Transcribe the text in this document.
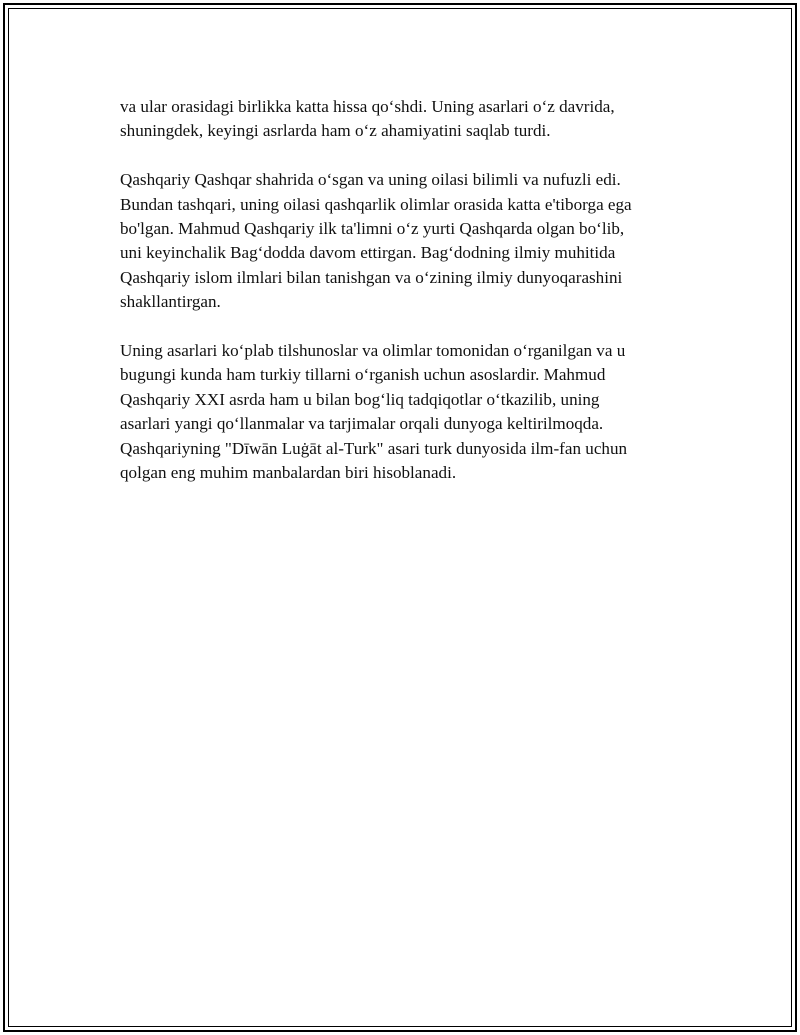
va ular orasidagi birlikka katta hissa qo‘shdi. Uning asarlari o‘z davrida,
shuningdek, keyingi asrlarda ham o‘z ahamiyatini saqlab turdi.

Qashqariy Qashqar shahrida o‘sgan va uning oilasi bilimli va nufuzli edi.
Bundan tashqari, uning oilasi qashqarlik olimlar orasida katta e'tiborga ega
bo'lgan. Mahmud Qashqariy ilk ta'limni o‘z yurti Qashqarda olgan bo‘lib,
uni keyinchalik Bag‘dodda davom ettirgan. Bag‘dodning ilmiy muhitida
Qashqariy islom ilmlari bilan tanishgan va o‘zining ilmiy dunyoqarashini
shakllantirgan.

Uning asarlari ko‘plab tilshunoslar va olimlar tomonidan o‘rganilgan va u
bugungi kunda ham turkiy tillarni o‘rganish uchun asoslardir. Mahmud
Qashqariy XXI asrda ham u bilan bog‘liq tadqiqotlar o‘tkazilib, uning
asarlari yangi qo‘llanmalar va tarjimalar orqali dunyoga keltirilmoqda.
Qashqariyning "Dīwān Luġāt al-Turk" asari turk dunyosida ilm-fan uchun
qolgan eng muhim manbalardan biri hisoblanadi.
